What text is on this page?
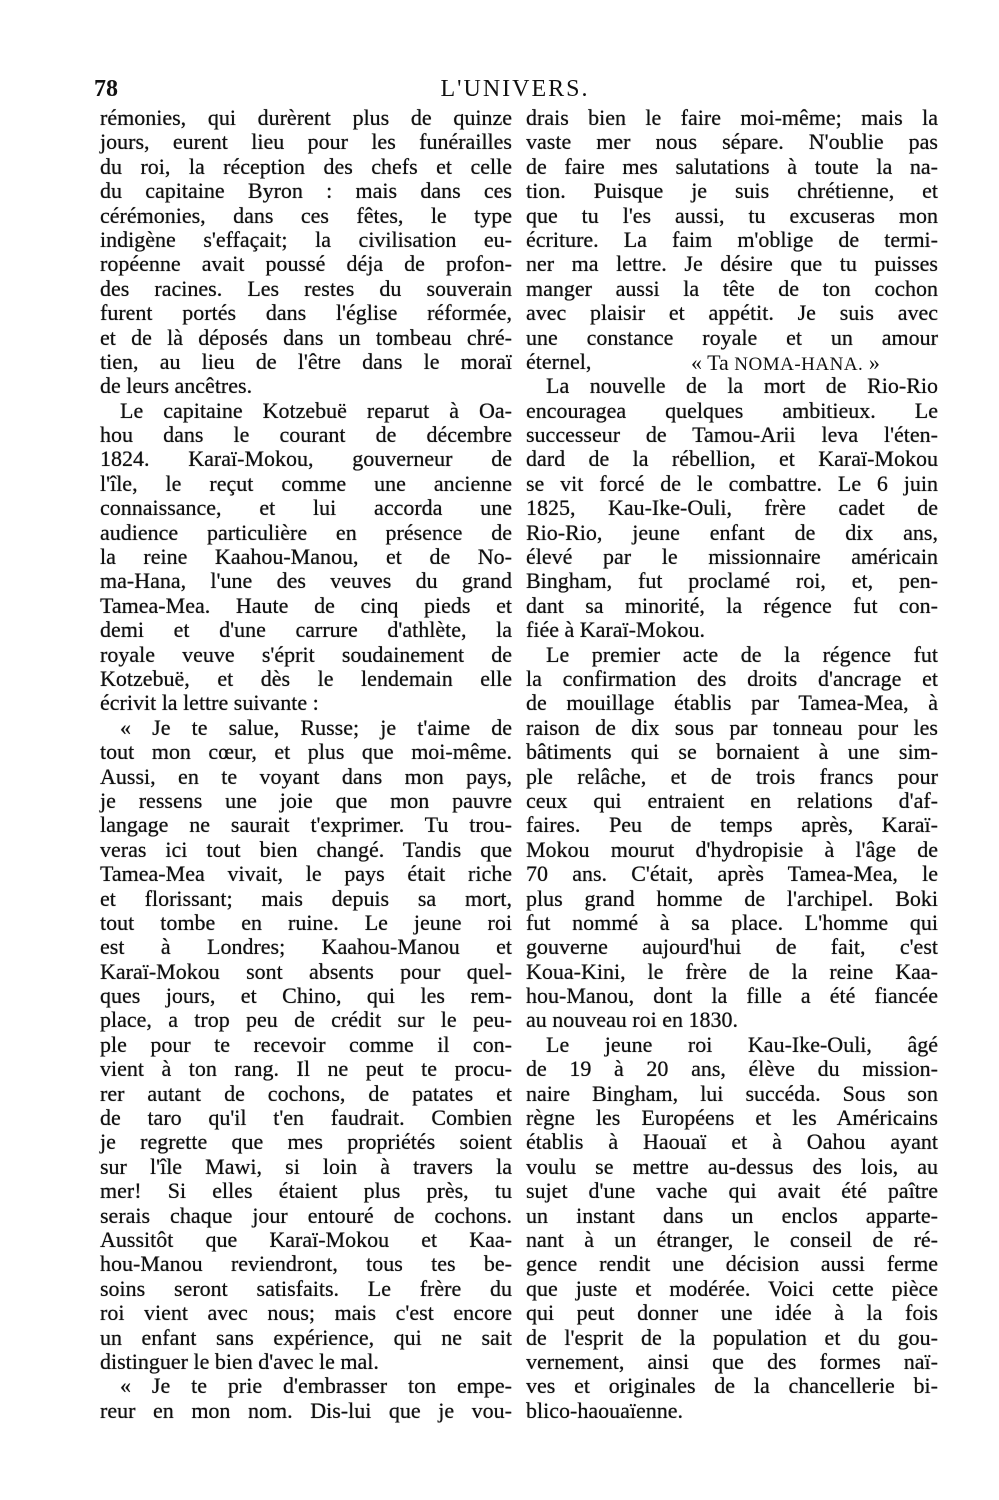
78	L'UNIVERS.
rémonies, qui durèrent plus de quinze
jours, eurent lieu pour les funérailles
du roi, la réception des chefs et celle
du capitaine Byron : mais dans ces
cérémonies, dans ces fêtes, le type
indigène s'effaçait; la civilisation eu-
ropéenne avait poussé déja de profon-
des racines. Les restes du souverain
furent portés dans l'église réformée,
et de là déposés dans un tombeau chré-
tien, au lieu de l'être dans le moraï
de leurs ancêtres.
Le capitaine Kotzebuë reparut à Oa-
hou dans le courant de décembre
1824. Karaï-Mokou, gouverneur de
l'île, le reçut comme une ancienne
connaissance, et lui accorda une
audience particulière en présence de
la reine Kaahou-Manou, et de No-
ma-Hana, l'une des veuves du grand
Tamea-Mea. Haute de cinq pieds et
demi et d'une carrure d'athlète, la
royale veuve s'éprit soudainement de
Kotzebuë, et dès le lendemain elle
écrivit la lettre suivante :
« Je te salue, Russe; je t'aime de
tout mon cœur, et plus que moi-même.
Aussi, en te voyant dans mon pays,
je ressens une joie que mon pauvre
langage ne saurait t'exprimer. Tu trou-
veras ici tout bien changé. Tandis que
Tamea-Mea vivait, le pays était riche
et florissant; mais depuis sa mort,
tout tombe en ruine. Le jeune roi
est à Londres; Kaahou-Manou et
Karaï-Mokou sont absents pour quel-
ques jours, et Chino, qui les rem-
place, a trop peu de crédit sur le peu-
ple pour te recevoir comme il con-
vient à ton rang. Il ne peut te procu-
rer autant de cochons, de patates et
de taro qu'il t'en faudrait. Combien
je regrette que mes propriétés soient
sur l'île Mawi, si loin à travers la
mer! Si elles étaient plus près, tu
serais chaque jour entouré de cochons.
Aussitôt que Karaï-Mokou et Kaa-
hou-Manou reviendront, tous tes be-
soins seront satisfaits. Le frère du
roi vient avec nous; mais c'est encore
un enfant sans expérience, qui ne sait
distinguer le bien d'avec le mal.
« Je te prie d'embrasser ton empe-
reur en mon nom. Dis-lui que je vou-
drais bien le faire moi-même; mais la
vaste mer nous sépare. N'oublie pas
de faire mes salutations à toute la na-
tion. Puisque je suis chrétienne, et
que tu l'es aussi, tu excuseras mon
écriture. La faim m'oblige de termi-
ner ma lettre. Je désire que tu puisses
manger aussi la tête de ton cochon
avec plaisir et appétit. Je suis avec
une constance royale et un amour
éternel,	« Ta NOMA-HANA. »
La nouvelle de la mort de Rio-Rio
encouragea quelques ambitieux. Le
successeur de Tamou-Arii leva l'éten-
dard de la rébellion, et Karaï-Mokou
se vit forcé de le combattre. Le 6 juin
1825, Kau-Ike-Ouli, frère cadet de
Rio-Rio, jeune enfant de dix ans,
élevé par le missionnaire américain
Bingham, fut proclamé roi, et, pen-
dant sa minorité, la régence fut con-
fiée à Karaï-Mokou.
Le premier acte de la régence fut
la confirmation des droits d'ancrage et
de mouillage établis par Tamea-Mea, à
raison de dix sous par tonneau pour les
bâtiments qui se bornaient à une sim-
ple relâche, et de trois francs pour
ceux qui entraient en relations d'af-
faires. Peu de temps après, Karaï-
Mokou mourut d'hydropisie à l'âge de
70 ans. C'était, après Tamea-Mea, le
plus grand homme de l'archipel. Boki
fut nommé à sa place. L'homme qui
gouverne aujourd'hui de fait, c'est
Koua-Kini, le frère de la reine Kaa-
hou-Manou, dont la fille a été fiancée
au nouveau roi en 1830.
Le jeune roi Kau-Ike-Ouli, âgé
de 19 à 20 ans, élève du mission-
naire Bingham, lui succéda. Sous son
règne les Européens et les Américains
établis à Haouaï et à Oahou ayant
voulu se mettre au-dessus des lois, au
sujet d'une vache qui avait été paître
un instant dans un enclos apparte-
nant à un étranger, le conseil de ré-
gence rendit une décision aussi ferme
que juste et modérée. Voici cette pièce
qui peut donner une idée à la fois
de l'esprit de la population et du gou-
vernement, ainsi que des formes naï-
ves et originales de la chancellerie bi-
blico-haouaïenne.
